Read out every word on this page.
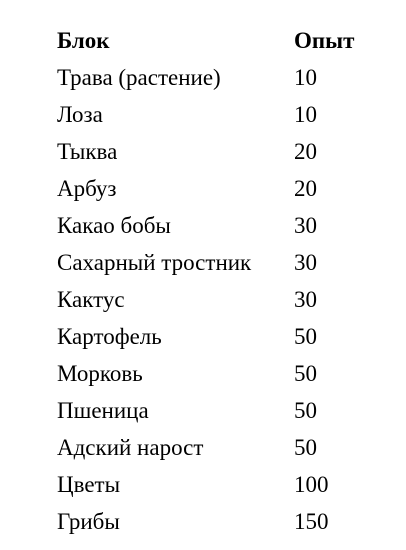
Блок	Опыт
Трава (растение)	10
Лоза	10
Тыква	20
Арбуз	20
Какао бобы	30
Сахарный тростник	30
Кактус	30
Картофель	50
Морковь	50
Пшеница	50
Адский нарост	50
Цветы	100
Грибы	150
